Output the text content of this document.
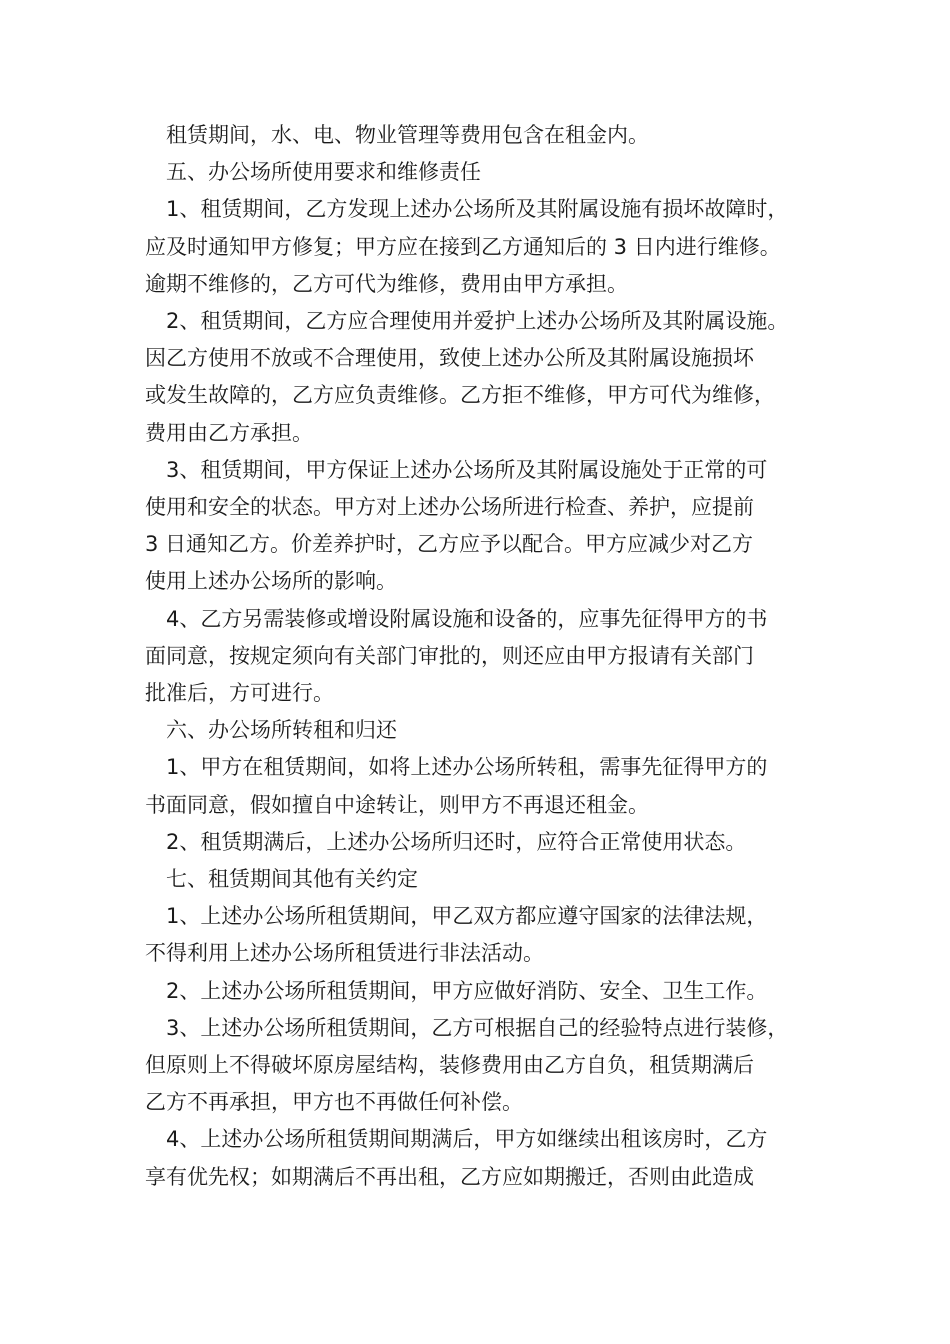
租赁期间，水、电、物业管理等费用包含在租金内。
五、办公场所使用要求和维修责任
1、租赁期间，乙方发现上述办公场所及其附属设施有损坏故障时，
应及时通知甲方修复；甲方应在接到乙方通知后的 3 日内进行维修。
逾期不维修的，乙方可代为维修，费用由甲方承担。
2、租赁期间，乙方应合理使用并爱护上述办公场所及其附属设施。
因乙方使用不放或不合理使用，致使上述办公所及其附属设施损坏
或发生故障的，乙方应负责维修。乙方拒不维修，甲方可代为维修，
费用由乙方承担。
3、租赁期间，甲方保证上述办公场所及其附属设施处于正常的可
使用和安全的状态。甲方对上述办公场所进行检查、养护，应提前
3 日通知乙方。价差养护时，乙方应予以配合。甲方应减少对乙方
使用上述办公场所的影响。
4、乙方另需装修或增设附属设施和设备的，应事先征得甲方的书
面同意，按规定须向有关部门审批的，则还应由甲方报请有关部门
批准后，方可进行。
六、办公场所转租和归还
1、甲方在租赁期间，如将上述办公场所转租，需事先征得甲方的
书面同意，假如擅自中途转让，则甲方不再退还租金。
2、租赁期满后，上述办公场所归还时，应符合正常使用状态。
七、租赁期间其他有关约定
1、上述办公场所租赁期间，甲乙双方都应遵守国家的法律法规，
不得利用上述办公场所租赁进行非法活动。
2、上述办公场所租赁期间，甲方应做好消防、安全、卫生工作。
3、上述办公场所租赁期间，乙方可根据自己的经验特点进行装修，
但原则上不得破坏原房屋结构，装修费用由乙方自负，租赁期满后
乙方不再承担，甲方也不再做任何补偿。
4、上述办公场所租赁期间期满后，甲方如继续出租该房时，乙方
享有优先权；如期满后不再出租，乙方应如期搬迁，否则由此造成
